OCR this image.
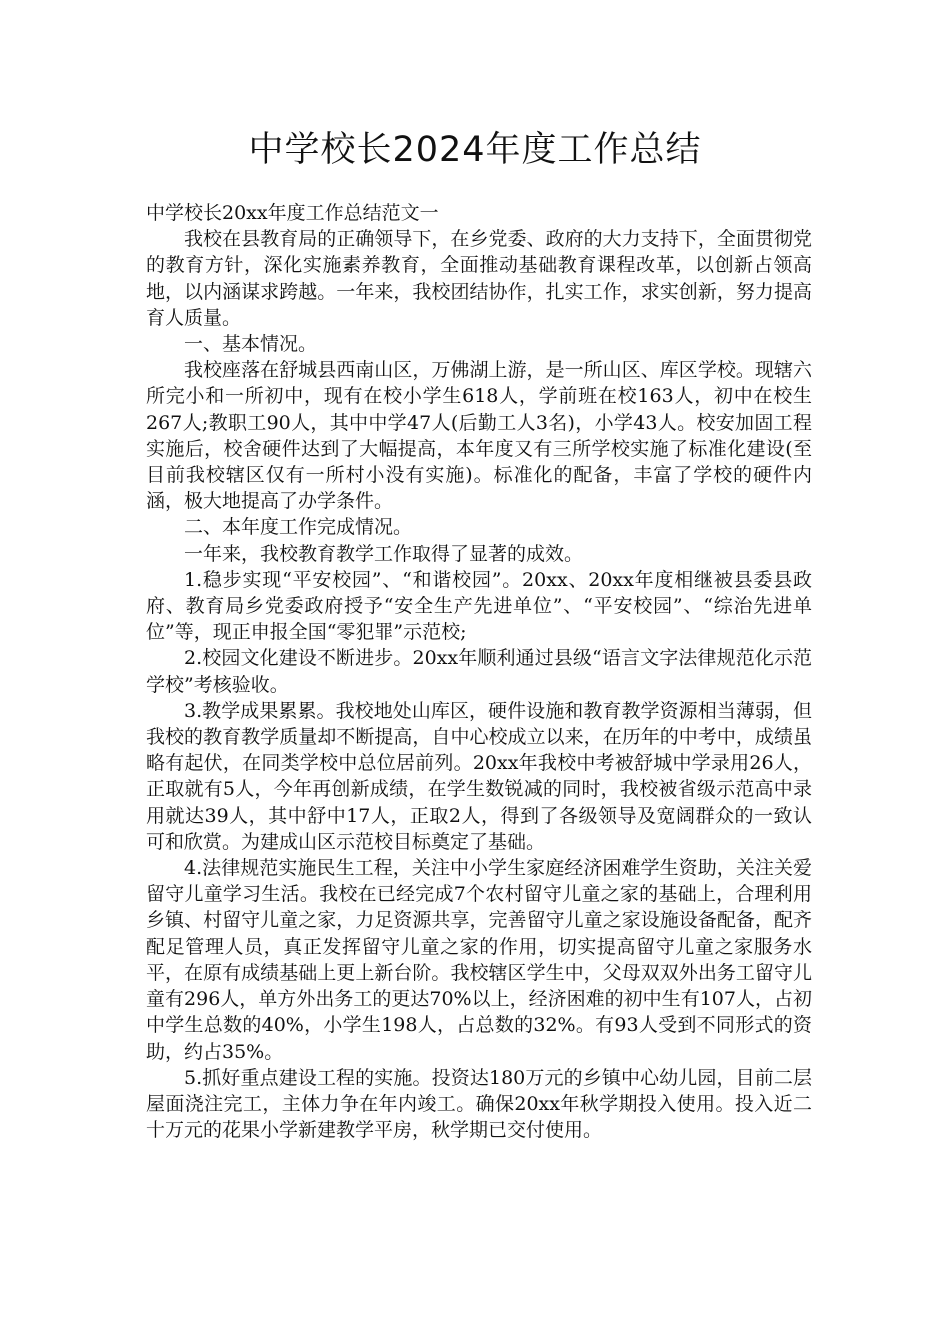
中学校长2024年度工作总结

中学校长20xx年度工作总结范文一

我校在县教育局的正确领导下，在乡党委、政府的大力支持下，全面贯彻党的教育方针，深化实施素养教育，全面推动基础教育课程改革，以创新占领高地，以内涵谋求跨越。一年来，我校团结协作，扎实工作，求实创新，努力提高育人质量。

一、基本情况。

我校座落在舒城县西南山区，万佛湖上游，是一所山区、库区学校。现辖六所完小和一所初中，现有在校小学生618人，学前班在校163人，初中在校生267人;教职工90人，其中中学47人(后勤工人3名)，小学43人。校安加固工程实施后，校舍硬件达到了大幅提高，本年度又有三所学校实施了标准化建设(至目前我校辖区仅有一所村小没有实施)。标准化的配备，丰富了学校的硬件内涵，极大地提高了办学条件。

二、本年度工作完成情况。

一年来，我校教育教学工作取得了显著的成效。

1.稳步实现“平安校园”、“和谐校园”。20xx、20xx年度相继被县委县政府、教育局乡党委政府授予“安全生产先进单位”、“平安校园”、“综治先进单位”等，现正申报全国“零犯罪”示范校;

2.校园文化建设不断进步。20xx年顺利通过县级“语言文字法律规范化示范学校”考核验收。

3.教学成果累累。我校地处山库区，硬件设施和教育教学资源相当薄弱，但我校的教育教学质量却不断提高，自中心校成立以来，在历年的中考中，成绩虽略有起伏，在同类学校中总位居前列。20xx年我校中考被舒城中学录用26人，正取就有5人，今年再创新成绩，在学生数锐减的同时，我校被省级示范高中录用就达39人，其中舒中17人，正取2人，得到了各级领导及宽阔群众的一致认可和欣赏。为建成山区示范校目标奠定了基础。

4.法律规范实施民生工程，关注中小学生家庭经济困难学生资助，关注关爱留守儿童学习生活。我校在已经完成7个农村留守儿童之家的基础上，合理利用乡镇、村留守儿童之家，力足资源共享，完善留守儿童之家设施设备配备，配齐配足管理人员，真正发挥留守儿童之家的作用，切实提高留守儿童之家服务水平，在原有成绩基础上更上新台阶。我校辖区学生中，父母双双外出务工留守儿童有296人，单方外出务工的更达70%以上，经济困难的初中生有107人，占初中学生总数的40%，小学生198人，占总数的32%。有93人受到不同形式的资助，约占35%。

5.抓好重点建设工程的实施。投资达180万元的乡镇中心幼儿园，目前二层屋面浇注完工，主体力争在年内竣工。确保20xx年秋学期投入使用。投入近二十万元的花果小学新建教学平房，秋学期已交付使用。
